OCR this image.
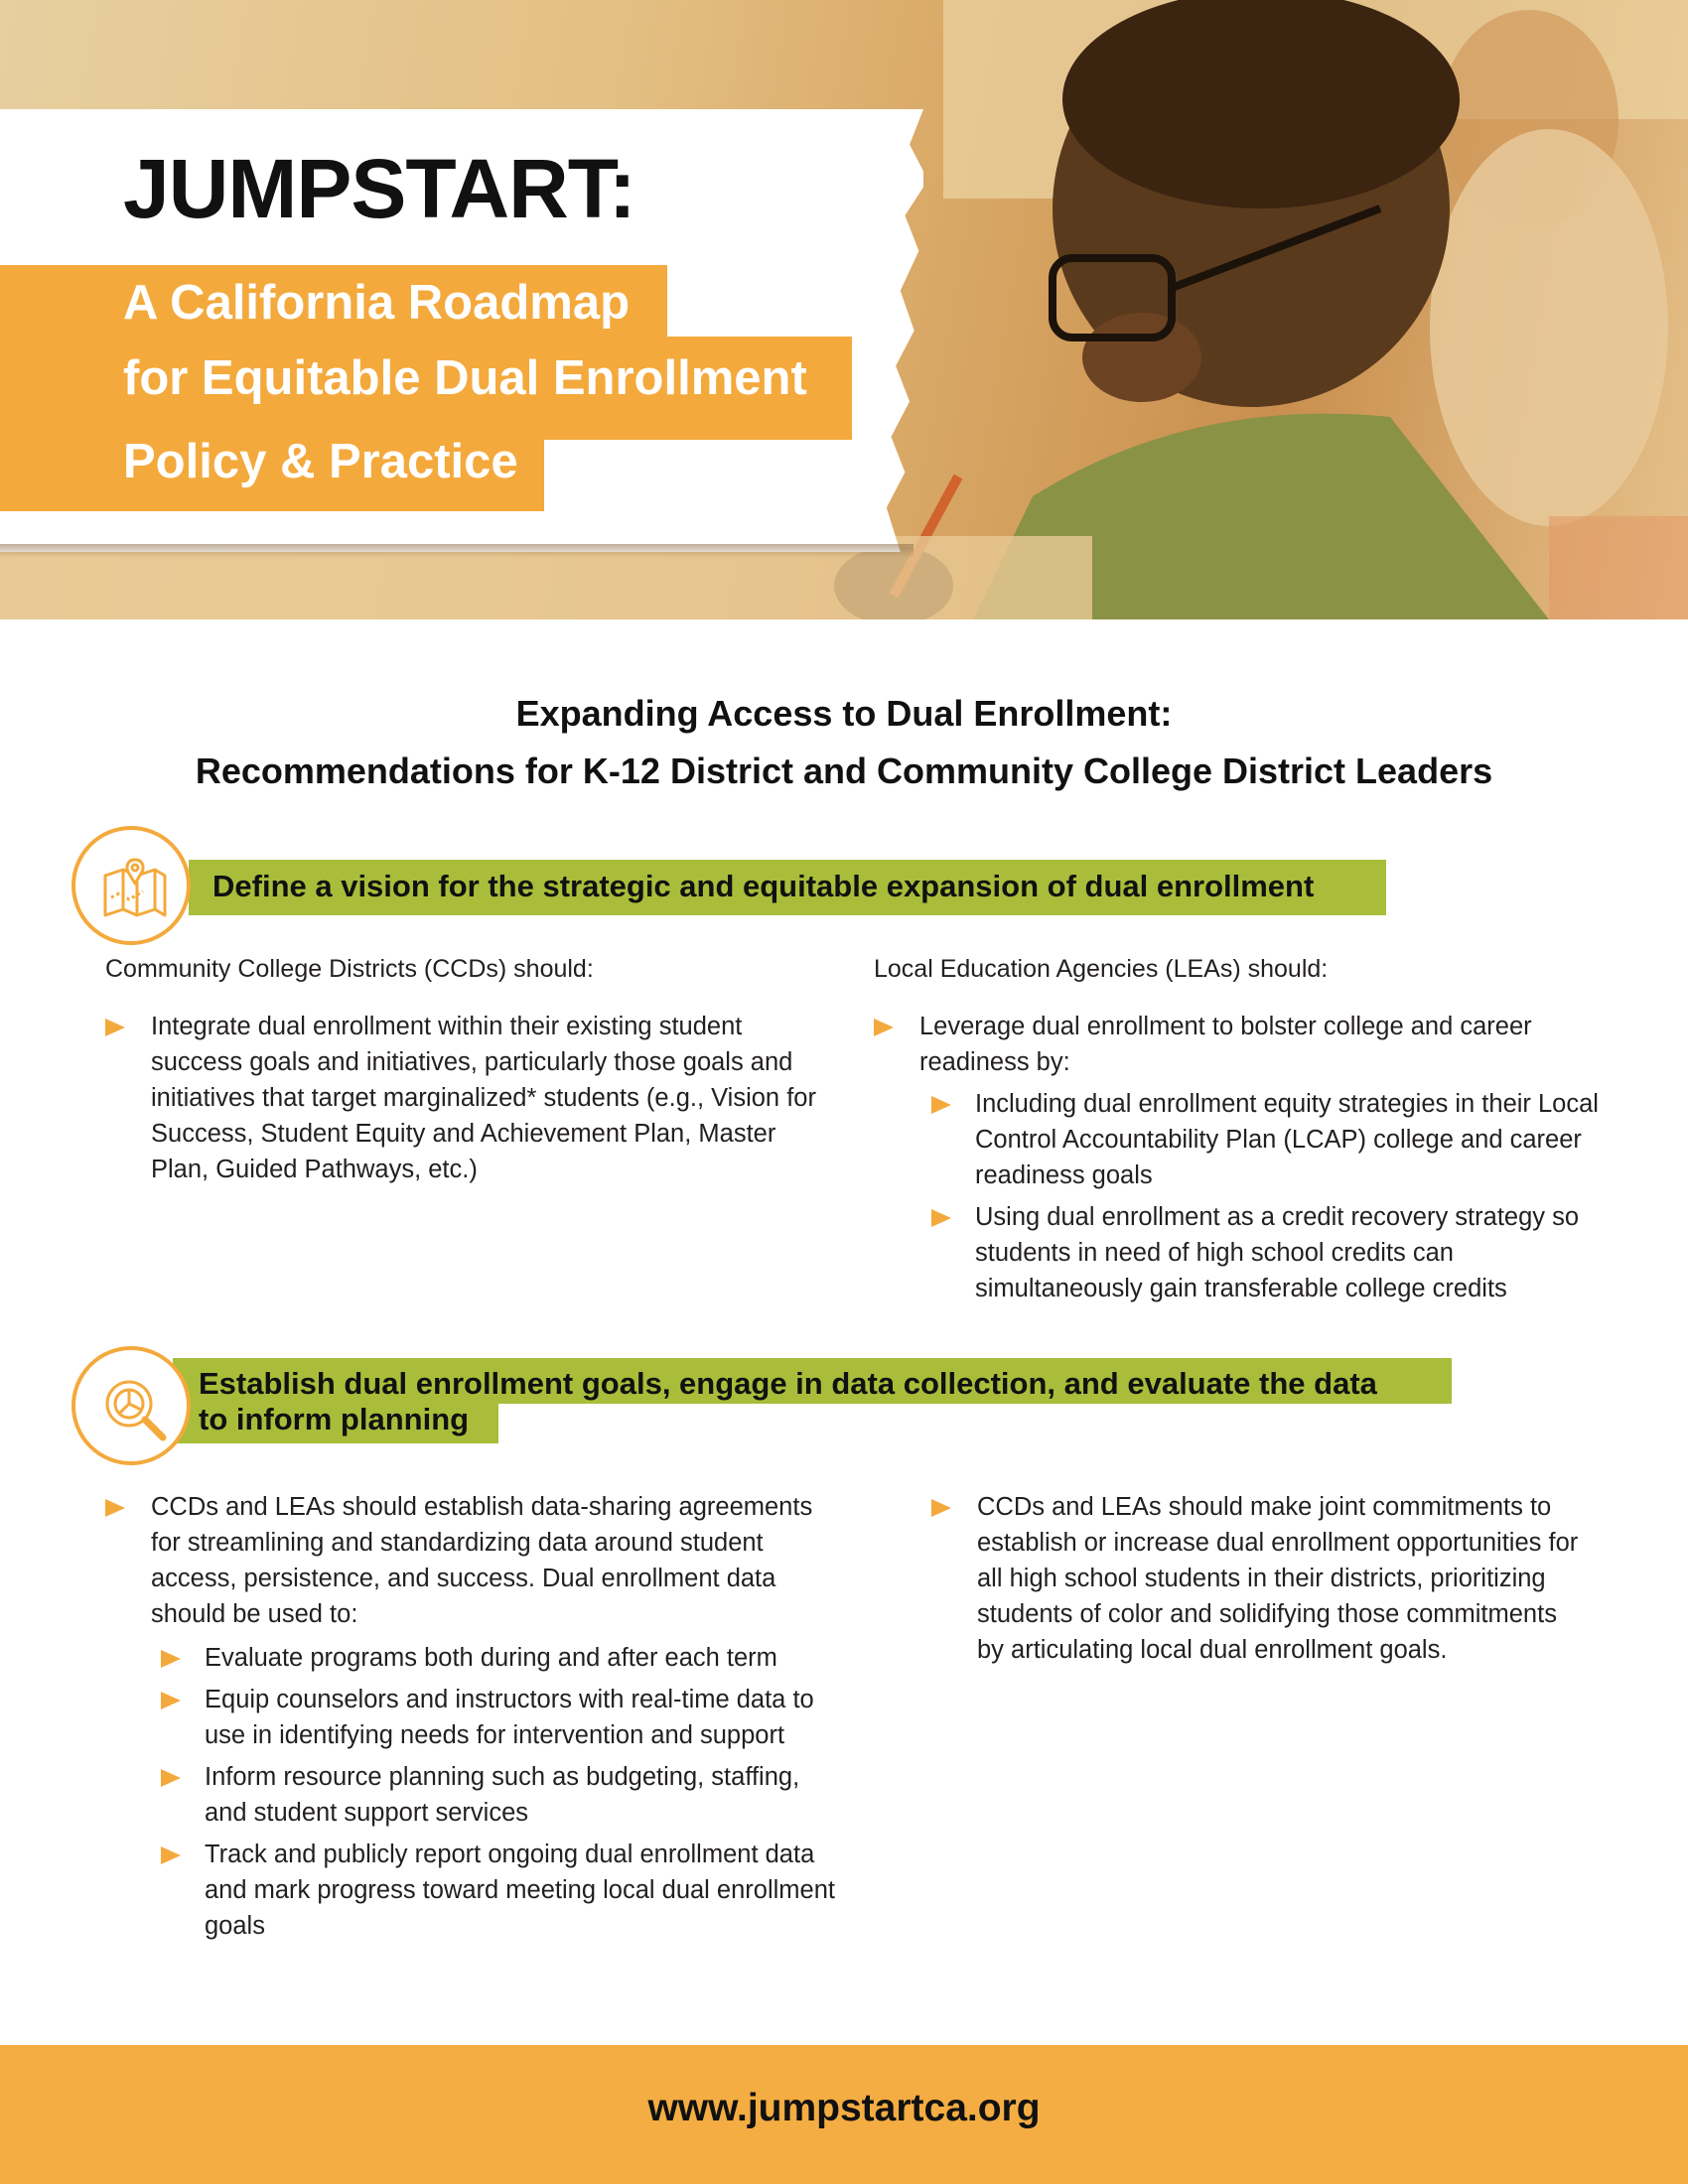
JUMPSTART:
A California Roadmap
for Equitable Dual Enrollment
Policy & Practice
Expanding Access to Dual Enrollment:
Recommendations for K-12 District and Community College District Leaders
Define a vision for the strategic and equitable expansion of dual enrollment
Community College Districts (CCDs) should:
Integrate dual enrollment within their existing student success goals and initiatives, particularly those goals and initiatives that target marginalized* students (e.g., Vision for Success, Student Equity and Achievement Plan, Master Plan, Guided Pathways, etc.)
Local Education Agencies (LEAs) should:
Leverage dual enrollment to bolster college and career readiness by:
Including dual enrollment equity strategies in their Local Control Accountability Plan (LCAP) college and career readiness goals
Using dual enrollment as a credit recovery strategy so students in need of high school credits can simultaneously gain transferable college credits
Establish dual enrollment goals, engage in data collection, and evaluate the data
to inform planning
CCDs and LEAs should establish data-sharing agreements for streamlining and standardizing data around student access, persistence, and success. Dual enrollment data should be used to:
Evaluate programs both during and after each term
Equip counselors and instructors with real-time data to use in identifying needs for intervention and support
Inform resource planning such as budgeting, staffing, and student support services
Track and publicly report ongoing dual enrollment data and mark progress toward meeting local dual enrollment goals
CCDs and LEAs should make joint commitments to establish or increase dual enrollment opportunities for all high school students in their districts, prioritizing students of color and solidifying those commitments by articulating local dual enrollment goals.
www.jumpstartca.org
